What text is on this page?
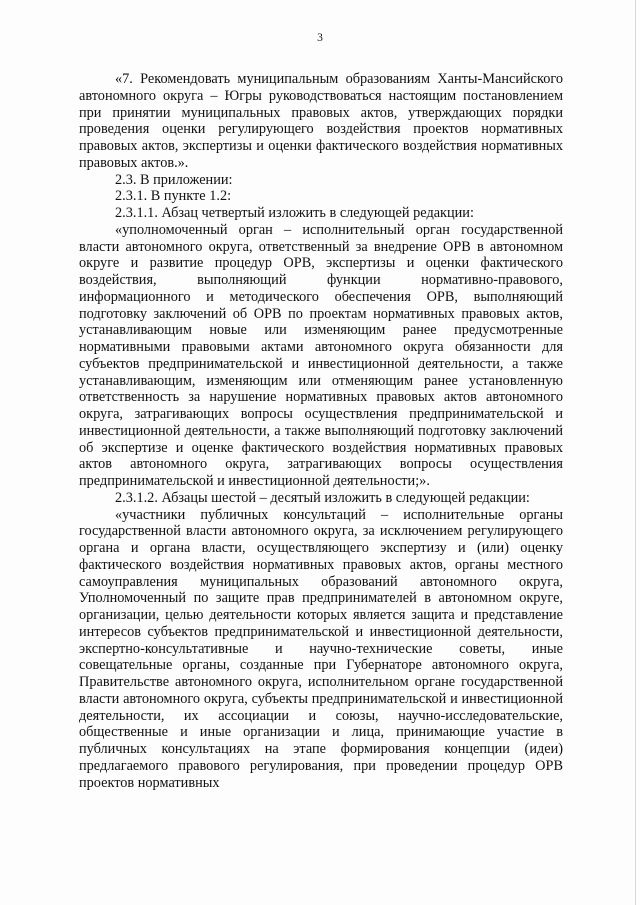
3

«7. Рекомендовать муниципальным образованиям Ханты-Мансийского автономного округа – Югры руководствоваться настоящим постановлением при принятии муниципальных правовых актов, утверждающих порядки проведения оценки регулирующего воздействия проектов нормативных правовых актов, экспертизы и оценки фактического воздействия нормативных правовых актов.».

2.3. В приложении:

2.3.1. В пункте 1.2:

2.3.1.1. Абзац четвертый изложить в следующей редакции:

«уполномоченный орган – исполнительный орган государственной власти автономного округа, ответственный за внедрение ОРВ в автономном округе и развитие процедур ОРВ, экспертизы и оценки фактического воздействия, выполняющий функции нормативно-правового, информационного и методического обеспечения ОРВ, выполняющий подготовку заключений об ОРВ по проектам нормативных правовых актов, устанавливающим новые или изменяющим ранее предусмотренные нормативными правовыми актами автономного округа обязанности для субъектов предпринимательской и инвестиционной деятельности, а также устанавливающим, изменяющим или отменяющим ранее установленную ответственность за нарушение нормативных правовых актов автономного округа, затрагивающих вопросы осуществления предпринимательской и инвестиционной деятельности, а также выполняющий подготовку заключений об экспертизе и оценке фактического воздействия нормативных правовых актов автономного округа, затрагивающих вопросы осуществления предпринимательской и инвестиционной деятельности;».

2.3.1.2. Абзацы шестой – десятый изложить в следующей редакции:

«участники публичных консультаций – исполнительные органы государственной власти автономного округа, за исключением регулирующего органа и органа власти, осуществляющего экспертизу и (или) оценку фактического воздействия нормативных правовых актов, органы местного самоуправления муниципальных образований автономного округа, Уполномоченный по защите прав предпринимателей в автономном округе, организации, целью деятельности которых является защита и представление интересов субъектов предпринимательской и инвестиционной деятельности, экспертно-консультативные и научно-технические советы, иные совещательные органы, созданные при Губернаторе автономного округа, Правительстве автономного округа, исполнительном органе государственной власти автономного округа, субъекты предпринимательской и инвестиционной деятельности, их ассоциации и союзы, научно-исследовательские, общественные и иные организации и лица, принимающие участие в публичных консультациях на этапе формирования концепции (идеи) предлагаемого правового регулирования, при проведении процедур ОРВ проектов нормативных
